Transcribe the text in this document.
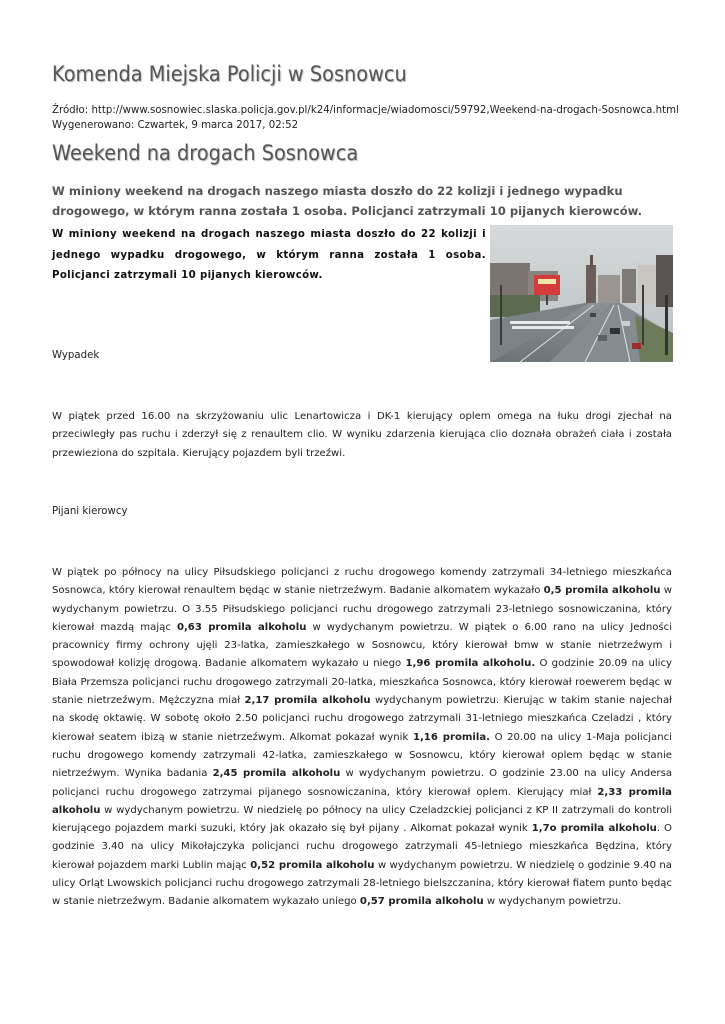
Komenda Miejska Policji w Sosnowcu
Źródło: http://www.sosnowiec.slaska.policja.gov.pl/k24/informacje/wiadomosci/59792,Weekend-na-drogach-Sosnowca.html
Wygenerowano: Czwartek, 9 marca 2017, 02:52
Weekend na drogach Sosnowca

W miniony weekend na drogach naszego miasta doszło do 22 kolizji i jednego wypadku drogowego, w którym ranna została 1 osoba. Policjanci zatrzymali 10 pijanych kierowców.

W miniony weekend na drogach naszego miasta doszło do 22 kolizji i jednego wypadku drogowego, w którym ranna została 1 osoba. Policjanci zatrzymali 10 pijanych kierowców.

Wypadek

W piątek przed 16.00 na skrzyżowaniu ulic Lenartowicza i DK-1 kierujący oplem omega na łuku drogi zjechał na przeciwległy pas ruchu i zderzył się z renaultem clio. W wyniku zdarzenia kierująca clio doznała obrażeń ciała i została przewieziona do szpitala. Kierujący pojazdem byli trzeźwi.

Pijani kierowcy

W piątek po północy na ulicy Piłsudskiego policjanci z ruchu drogowego komendy zatrzymali 34-letniego mieszkańca Sosnowca, który kierował renaultem będąc w stanie nietrzeźwym. Badanie alkomatem wykazało 0,5 promila alkoholu w wydychanym powietrzu. O 3.55 Piłsudskiego policjanci ruchu drogowego zatrzymali 23-letniego sosnowiczanina, który kierował mazdą mając 0,63 promila alkoholu w wydychanym powietrzu. W piątek o 6.00 rano na ulicy Jedności pracownicy firmy ochrony ujęli 23-latka, zamieszkałego w Sosnowcu, który kierował bmw w stanie nietrzeźwym i spowodował kolizję drogową. Badanie alkomatem wykazało u niego 1,96 promila alkoholu. O godzinie 20.09 na ulicy Biała Przemsza policjanci ruchu drogowego zatrzymali 20-latka, mieszkańca Sosnowca, który kierował roewerem będąc w stanie nietrzeźwym. Mężczyzna miał 2,17 promila alkoholu wydychanym powietrzu. Kierując w takim stanie najechał na skodę oktawię. W sobotę około 2.50 policjanci ruchu drogowego zatrzymali 31-letniego mieszkańca Czeladzi , który kierował seatem ibizą w stanie nietrzeźwym. Alkomat pokazał wynik 1,16 promila. O 20.00 na ulicy 1-Maja policjanci ruchu drogowego komendy zatrzymali 42-latka, zamieszkałego w Sosnowcu, który kierował oplem będąc w stanie nietrzeźwym. Wynika badania 2,45 promila alkoholu w wydychanym powietrzu. O godzinie 23.00 na ulicy Andersa policjanci ruchu drogowego zatrzymai pijanego sosnowiczanina, który kierował oplem. Kierujący miał 2,33 promila alkoholu w wydychanym powietrzu. W niedzielę po północy na ulicy Czeladzckiej policjanci z KP II zatrzymali do kontroli kierującego pojazdem marki suzuki, który jak okazało się był pijany . Alkomat pokazał wynik 1,7o promila alkoholu. O godzinie 3.40 na ulicy Mikołajczyka policjanci ruchu drogowego zatrzymali 45-letniego mieszkańca Będzina, który kierował pojazdem marki Lublin mając 0,52 promila alkoholu w wydychanym powietrzu. W niedzielę o godzinie 9.40 na ulicy Orląt Lwowskich policjanci ruchu drogowego zatrzymali 28-letniego bielszczanina, który kierował fiatem punto będąc w stanie nietrzeźwym. Badanie alkomatem wykazało uniego 0,57 promila alkoholu w wydychanym powietrzu.
